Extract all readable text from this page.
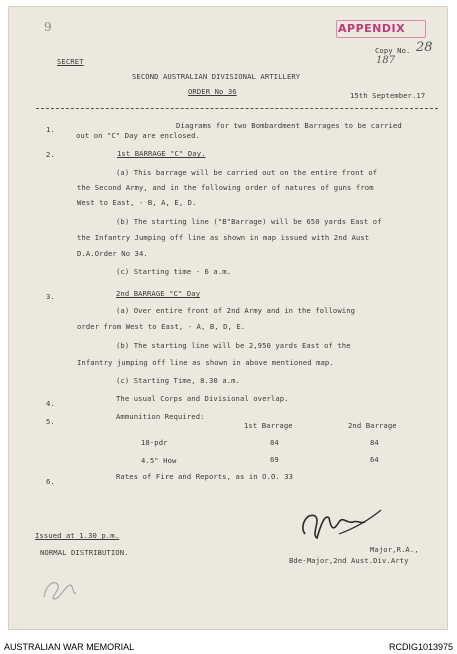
9	APPENDIX
Copy No. 28
187
SECRET
SECOND AUSTRALIAN DIVISIONAL ARTILLERY
ORDER No 36	15th September.17
1.	Diagrams for two Bombardment Barrages to be carried
out on "C" Day are enclosed.
2.	1st BARRAGE "C" Day.
(a) This barrage will be carried out on the entire front of
the Second Army, and in the following order of natures of guns from
West to East, - B, A, E, D.
(b) The starting line ("B"Barrage) will be 650 yards East of
the Infantry Jumping off line as shown in map issued with 2nd Aust
D.A.Order No 34.
(c) Starting time - 6 a.m.
3.	2nd BARRAGE "C" Day
(a) Over entire front of 2nd Army and in the following
order from West to East, - A, B, D, E.
(b) The starting line will be 2,950 yards East of the
Infantry jumping off line as shown in above mentioned map.
(c) Starting Time, 8.30 a.m.
4.
The usual Corps and Divisional overlap.
5.
Ammunition Required:
1st Barrage	2nd Barrage
18-pdr	84	84
4.5" How	69	64
6.
Rates of Fire and Reports, as in O.O. 33
Issued at 1.30 p.m.
NORMAL DISTRIBUTION.	Major,R.A.,
Bde-Major,2nd Aust.Div.Arty
AUSTRALIAN WAR MEMORIAL	RCDIG1013975
